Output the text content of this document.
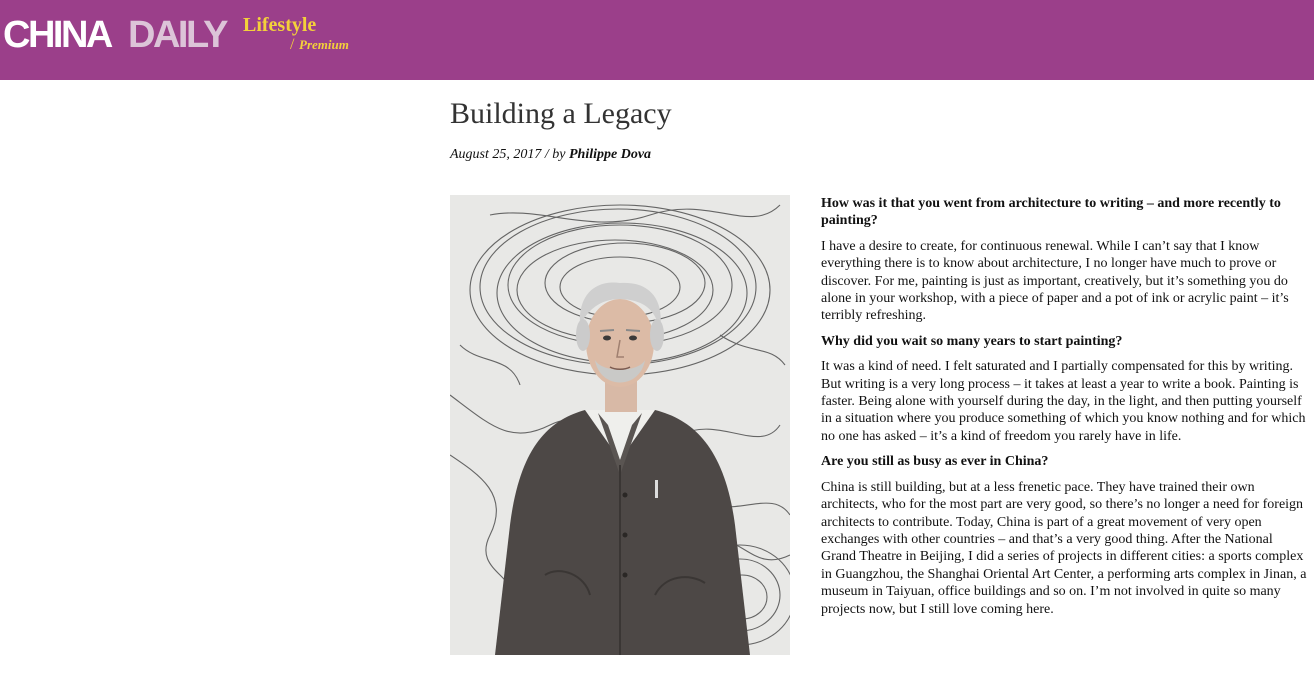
CHINA DAILY Lifestyle
/ Premium
Building a Legacy
August 25, 2017 / by Philippe Dova

How was it that you went from architecture to writing – and more recently to painting?

I have a desire to create, for continuous renewal. While I can’t say that I know everything there is to know about architecture, I no longer have much to prove or discover. For me, painting is just as important, creatively, but it’s something you do alone in your workshop, with a piece of paper and a pot of ink or acrylic paint – it’s terribly refreshing.

Why did you wait so many years to start painting?

It was a kind of need. I felt saturated and I partially compensated for this by writing. But writing is a very long process – it takes at least a year to write a book. Painting is faster. Being alone with yourself during the day, in the light, and then putting yourself in a situation where you produce something of which you know nothing and for which no one has asked – it’s a kind of freedom you rarely have in life.

Are you still as busy as ever in China?

China is still building, but at a less frenetic pace. They have trained their own architects, who for the most part are very good, so there’s no longer a need for foreign architects to contribute. Today, China is part of a great movement of very open exchanges with other countries – and that’s a very good thing. After the National Grand Theatre in Beijing, I did a series of projects in different cities: a sports complex in Guangzhou, the Shanghai Oriental Art Center, a performing arts complex in Jinan, a museum in Taiyuan, office buildings and so on. I’m not involved in quite so many projects now, but I still love coming here.
